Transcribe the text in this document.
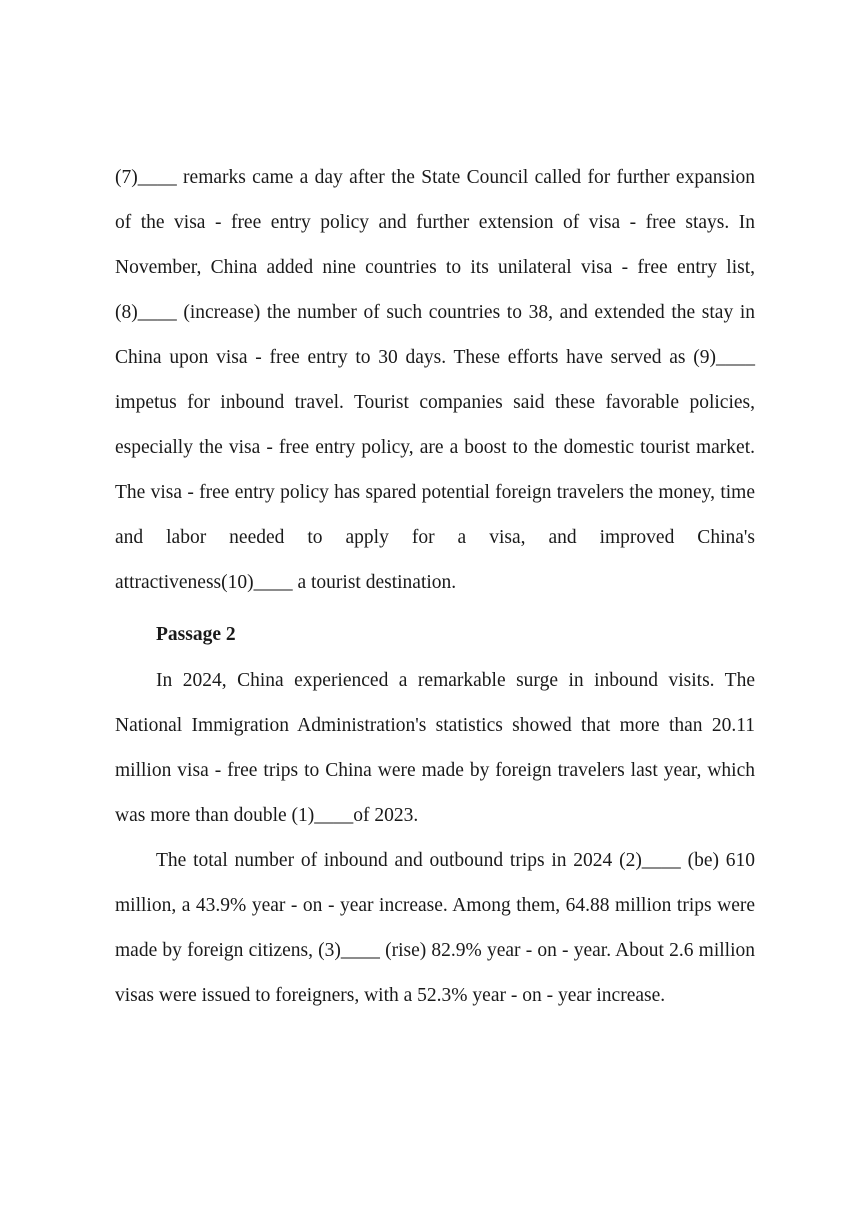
(7)____ remarks came a day after the State Council called for further expansion of the visa - free entry policy and further extension of visa - free stays. In November, China added nine countries to its unilateral visa - free entry list, (8)____ (increase) the number of such countries to 38, and extended the stay in China upon visa - free entry to 30 days. These efforts have served as (9)____ impetus for inbound travel. Tourist companies said these favorable policies, especially the visa - free entry policy, are a boost to the domestic tourist market. The visa - free entry policy has spared potential foreign travelers the money, time and labor needed to apply for a visa, and improved China's attractiveness(10)____ a tourist destination.

Passage 2

In 2024, China experienced a remarkable surge in inbound visits. The National Immigration Administration's statistics showed that more than 20.11 million visa - free trips to China were made by foreign travelers last year, which was more than double (1)____of 2023.

The total number of inbound and outbound trips in 2024 (2)____ (be) 610 million, a 43.9% year - on - year increase. Among them, 64.88 million trips were made by foreign citizens, (3)____ (rise) 82.9% year - on - year. About 2.6 million visas were issued to foreigners, with a 52.3% year - on - year increase.
